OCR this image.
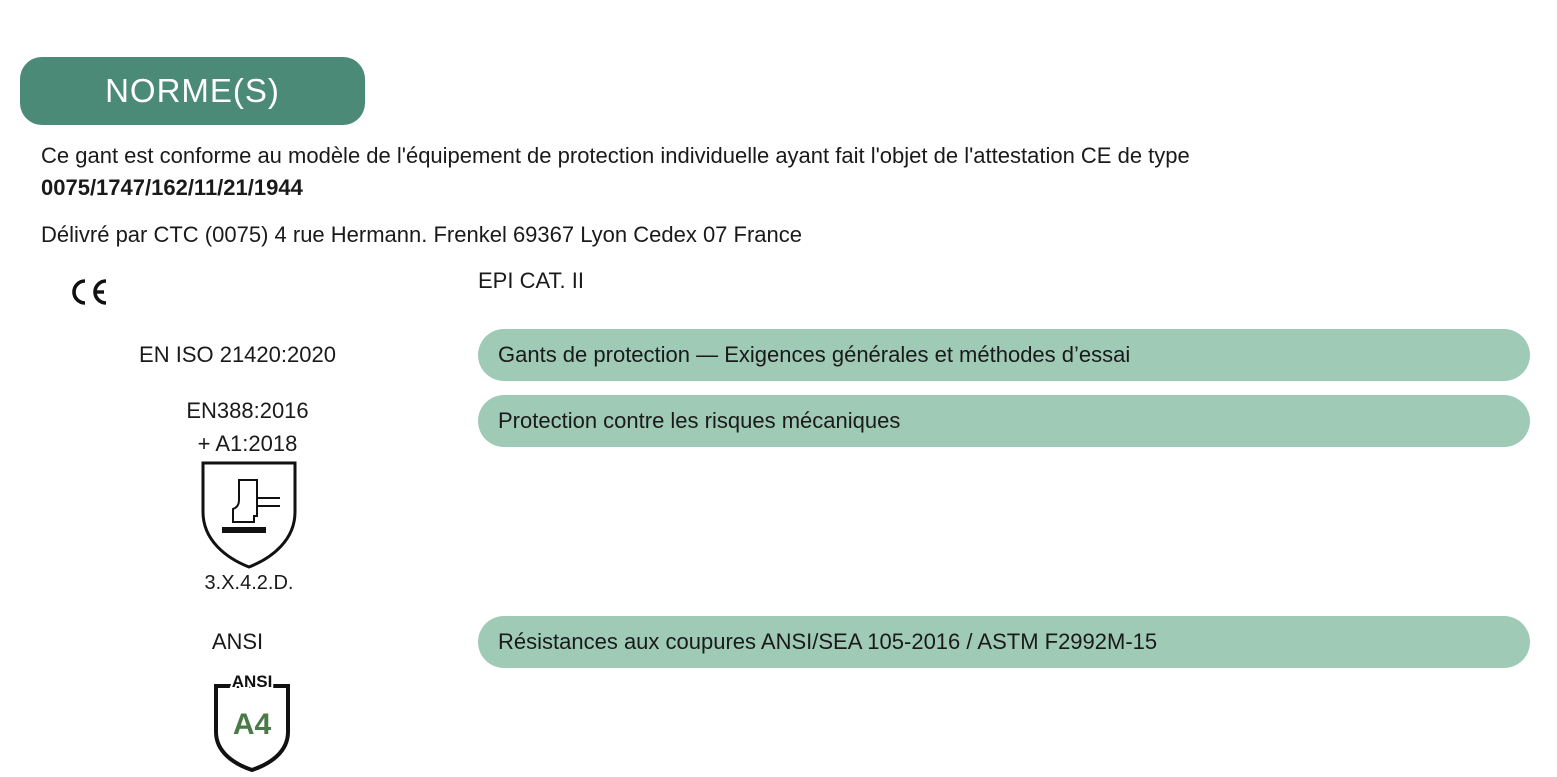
NORME(S)
Ce gant est conforme au modèle de l'équipement de protection individuelle ayant fait l'objet de l'attestation CE de type
0075/1747/162/11/21/1944
Délivré par CTC (0075) 4 rue Hermann. Frenkel 69367 Lyon Cedex 07 France
EPI CAT. II
EN ISO 21420:2020	Gants de protection — Exigences générales et méthodes d’essai
EN388:2016
+ A1:2018
Protection contre les risques mécaniques
3.X.4.2.D.
ANSI	Résistances aux coupures ANSI/SEA 105-2016 / ASTM F2992M-15
ANSI
A4
